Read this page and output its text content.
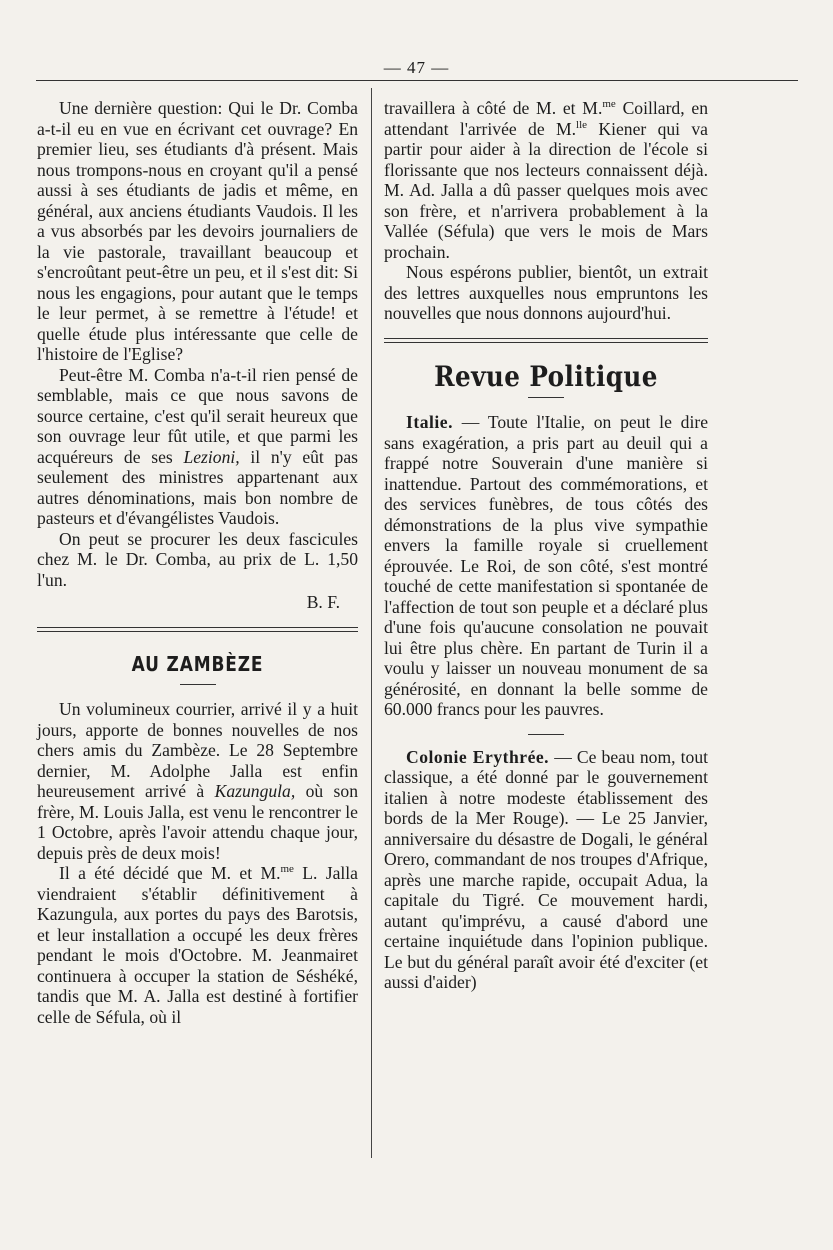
— 47 —

Une dernière question: Qui le Dr. Comba a-t-il eu en vue en écrivant cet ouvrage? En premier lieu, ses étudiants d'à présent. Mais nous trompons-nous en croyant qu'il a pensé aussi à ses étudiants de jadis et même, en général, aux anciens étudiants Vaudois. Il les a vus absorbés par les devoirs journaliers de la vie pastorale, travaillant beaucoup et s'encroûtant peut-être un peu, et il s'est dit: Si nous les engagions, pour autant que le temps le leur permet, à se remettre à l'étude! et quelle étude plus intéressante que celle de l'histoire de l'Eglise?

Peut-être M. Comba n'a-t-il rien pensé de semblable, mais ce que nous savons de source certaine, c'est qu'il serait heureux que son ouvrage leur fût utile, et que parmi les acquéreurs de ses Lezioni, il n'y eût pas seulement des ministres appartenant aux autres dénominations, mais bon nombre de pasteurs et d'évangélistes Vaudois.

On peut se procurer les deux fascicules chez M. le Dr. Comba, au prix de L. 1,50 l'un.

B. F.
AU ZAMBÈZE

Un volumineux courrier, arrivé il y a huit jours, apporte de bonnes nouvelles de nos chers amis du Zambèze. Le 28 Septembre dernier, M. Adolphe Jalla est enfin heureusement arrivé à Kazungula, où son frère, M. Louis Jalla, est venu le rencontrer le 1 Octobre, après l'avoir attendu chaque jour, depuis près de deux mois!

Il a été décidé que M. et M.$^{me}$ L. Jalla viendraient s'établir définitivement à Kazungula, aux portes du pays des Barotsis, et leur installation a occupé les deux frères pendant le mois d'Octobre. M. Jeanmairet continuera à occuper la station de Séshéké, tandis que M. A. Jalla est destiné à fortifier celle de Séfula, où il

travaillera à côté de M. et M.$^{me}$ Coillard, en attendant l'arrivée de M.$^{lle}$ Kiener qui va partir pour aider à la direction de l'école si florissante que nos lecteurs connaissent déjà. M. Ad. Jalla a dû passer quelques mois avec son frère, et n'arrivera probablement à la Vallée (Séfula) que vers le mois de Mars prochain.

Nous espérons publier, bientôt, un extrait des lettres auxquelles nous empruntons les nouvelles que nous donnons aujourd'hui.

Revue Politique

Italie. — Toute l'Italie, on peut le dire sans exagération, a pris part au deuil qui a frappé notre Souverain d'une manière si inattendue. Partout des commémorations, et des services funèbres, de tous côtés des démonstrations de la plus vive sympathie envers la famille royale si cruellement éprouvée. Le Roi, de son côté, s'est montré touché de cette manifestation si spontanée de l'affection de tout son peuple et a déclaré plus d'une fois qu'aucune consolation ne pouvait lui être plus chère. En partant de Turin il a voulu y laisser un nouveau monument de sa générosité, en donnant la belle somme de 60.000 francs pour les pauvres.

Colonie Erythrée. — Ce beau nom, tout classique, a été donné par le gouvernement italien à notre modeste établissement des bords de la Mer Rouge). — Le 25 Janvier, anniversaire du désastre de Dogali, le général Orero, commandant de nos troupes d'Afrique, après une marche rapide, occupait Adua, la capitale du Tigré. Ce mouvement hardi, autant qu'imprévu, a causé d'abord une certaine inquiétude dans l'opinion publique. Le but du général paraît avoir été d'exciter (et aussi d'aider)
